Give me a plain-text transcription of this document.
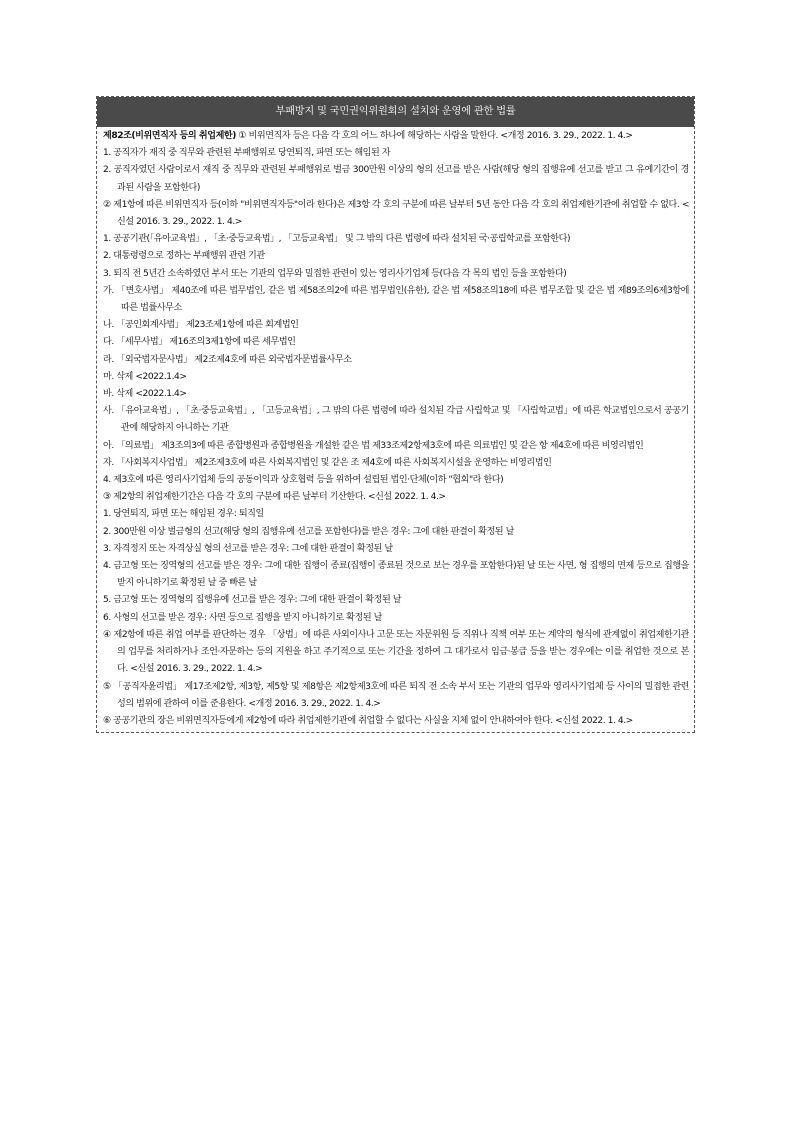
부패방지 및 국민권익위원회의 설치와 운영에 관한 법률
제82조(비위면직자 등의 취업제한) ① 비위면직자 등은 다음 각 호의 어느 하나에 해당하는 사람을 말한다. <개정 2016. 3. 29., 2022. 1. 4.>
1. 공직자가 재직 중 직무와 관련된 부패행위로 당연퇴직, 파면 또는 해임된 자
2. 공직자였던 사람이로서 재직 중 직무와 관련된 부패행위로 벌금 300만원 이상의 형의 선고를 받은 사람(해당 형의 집행유예 선고를 받고 그 유예기간이 경과된 사람을 포함한다)
② 제1항에 따른 비위면직자 등(이하 "비위면직자등"이라 한다)은 제3항 각 호의 구분에 따른 날부터 5년 동안 다음 각 호의 취업제한기관에 취업할 수 없다. <신설 2016. 3. 29., 2022. 1. 4.>
1. 공공기관(「유아교육법」, 「초·중등교육법」, 「고등교육법」 및 그 밖의 다른 법령에 따라 설치된 국·공립학교를 포함한다)
2. 대통령령으로 정하는 부패행위 관련 기관
3. 퇴직 전 5년간 소속하였던 부서 또는 기관의 업무와 밀접한 관련이 있는 영리사기업체 등(다음 각 목의 법인 등을 포함한다)
가. 「변호사법」 제40조에 따른 법무법인, 같은 법 제58조의2에 따른 법무법인(유한), 같은 법 제58조의18에 따른 법무조합 및 같은 법 제89조의6제3항에 따른 법률사무소
나. 「공인회계사법」 제23조제1항에 따른 회계법인
다. 「세무사법」 제16조의3제1항에 따른 세무법인
라. 「외국법자문사법」 제2조제4호에 따른 외국법자문법률사무소
마. 삭제 <2022.1.4>
바. 삭제 <2022.1.4>
사. 「유아교육법」, 「초·중등교육법」, 「고등교육법」, 그 밖의 다른 법령에 따라 설치된 각급 사립학교 및 「사립학교법」에 따른 학교법인으로서 공공기관에 해당하지 아니하는 기관
아. 「의료법」 제3조의3에 따른 종합병원과 종합병원을 개설한 같은 법 제33조제2항제3호에 따른 의료법인 및 같은 항 제4호에 따른 비영리법인
자. 「사회복지사업법」 제2조제3호에 따른 사회복지법인 및 같은 조 제4호에 따른 사회복지시설을 운영하는 비영리법인
4. 제3호에 따른 영리사기업체 등의 공동이익과 상호협력 등을 위하여 설립된 법인·단체(이하 "협회"라 한다)
③ 제2항의 취업제한기간은 다음 각 호의 구분에 따른 날부터 기산한다. <신설 2022. 1. 4.>
1. 당연퇴직, 파면 또는 해임된 경우: 퇴직일
2. 300만원 이상 벌금형의 선고(해당 형의 집행유예 선고를 포함한다)를 받은 경우: 그에 대한 판결이 확정된 날
3. 자격정지 또는 자격상실 형의 선고를 받은 경우: 그에 대한 판결이 확정된 날
4. 금고형 또는 징역형의 선고를 받은 경우: 그에 대한 집행이 종료(집행이 종료된 것으로 보는 경우를 포함한다)된 날 또는 사면, 형 집행의 면제 등으로 집행을 받지 아니하기로 확정된 날 중 빠른 날
5. 금고형 또는 징역형의 집행유예 선고를 받은 경우: 그에 대한 판결이 확정된 날
6. 사형의 선고를 받은 경우: 사면 등으로 집행을 받지 아니하기로 확정된 날
④ 제2항에 따른 취업 여부를 판단하는 경우 「상법」에 따른 사외이사나 고문 또는 자문위원 등 직위나 직책 여부 또는 계약의 형식에 관계없이 취업제한기관의 업무를 처리하거나 조언·자문하는 등의 지원을 하고 주기적으로 또는 기간을 정하여 그 대가로서 임금·봉급 등을 받는 경우에는 이를 취업한 것으로 본다. <신설 2016. 3. 29., 2022. 1. 4.>
⑤ 「공직자윤리법」 제17조제2항, 제3항, 제5항 및 제8항은 제2항제3호에 따른 퇴직 전 소속 부서 또는 기관의 업무와 영리사기업체 등 사이의 밀접한 관련성의 범위에 관하여 이를 준용한다. <개정 2016. 3. 29., 2022. 1. 4.>
⑥ 공공기관의 장은 비위면직자등에게 제2항에 따라 취업제한기관에 취업할 수 없다는 사실을 지체 없이 안내하여야 한다. <신설 2022. 1. 4.>
